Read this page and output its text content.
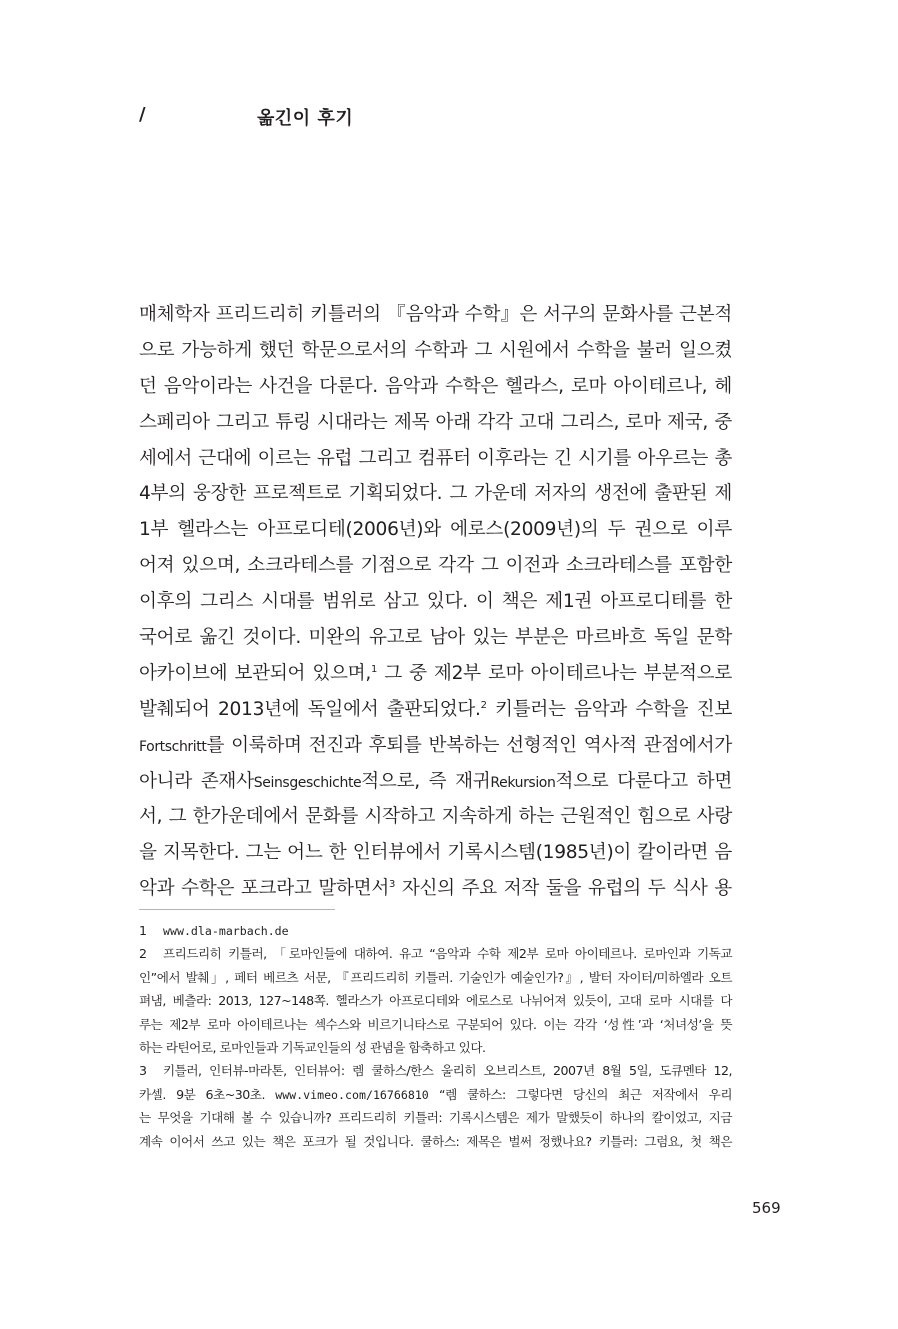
/	옮긴이 후기
매체학자 프리드리히 키틀러의 『음악과 수학』은 서구의 문화사를 근본적
으로 가능하게 했던 학문으로서의 수학과 그 시원에서 수학을 불러 일으켰
던 음악이라는 사건을 다룬다. 음악과 수학은 헬라스, 로마 아이테르나, 헤
스페리아 그리고 튜링 시대라는 제목 아래 각각 고대 그리스, 로마 제국, 중
세에서 근대에 이르는 유럽 그리고 컴퓨터 이후라는 긴 시기를 아우르는 총
4부의 웅장한 프로젝트로 기획되었다. 그 가운데 저자의 생전에 출판된 제
1부 헬라스는 아프로디테(2006년)와 에로스(2009년)의 두 권으로 이루
어져 있으며, 소크라테스를 기점으로 각각 그 이전과 소크라테스를 포함한
이후의 그리스 시대를 범위로 삼고 있다. 이 책은 제1권 아프로디테를 한
국어로 옮긴 것이다. 미완의 유고로 남아 있는 부분은 마르바흐 독일 문학
아카이브에 보관되어 있으며,$^1$ 그 중 제2부 로마 아이테르나는 부분적으로
발췌되어 2013년에 독일에서 출판되었다.$^2$ 키틀러는 음악과 수학을 진보
Fortschritt를 이룩하며 전진과 후퇴를 반복하는 선형적인 역사적 관점에서가
아니라 존재사Seinsgeschichte적으로, 즉 재귀Rekursion적으로 다룬다고 하면
서, 그 한가운데에서 문화를 시작하고 지속하게 하는 근원적인 힘으로 사랑
을 지목한다. 그는 어느 한 인터뷰에서 기록시스템(1985년)이 칼이라면 음
악과 수학은 포크라고 말하면서$^3$ 자신의 주요 저작 둘을 유럽의 두 식사 용
1 www.dla-marbach.de
2 프리드리히 키틀러, 「로마인들에 대하여. 유고 “음악과 수학 제2부 로마 아이테르나. 로마인과 기독교
인”에서 발췌」, 페터 베르츠 서문, 『프리드리히 키틀러. 기술인가 예술인가?』, 발터 자이터/미하엘라 오트
펴냄, 베츨라: 2013, 127~148쪽. 헬라스가 아프로디테와 에로스로 나뉘어져 있듯이, 고대 로마 시대를 다
루는 제2부 로마 아이테르나는 섹수스와 비르기니타스로 구분되어 있다. 이는 각각 ‘성性’과 ‘처녀성’을 뜻
하는 라틴어로, 로마인들과 기독교인들의 성 관념을 함축하고 있다.
3 키틀러, 인터뷰-마라톤, 인터뷰어: 렘 쿨하스/한스 울리히 오브리스트, 2007년 8월 5일, 도큐멘타 12,
카셀. 9분 6초~30초. www.vimeo.com/16766810 “렘 쿨하스: 그렇다면 당신의 최근 저작에서 우리
는 무엇을 기대해 볼 수 있습니까? 프리드리히 키틀러: 기록시스템은 제가 말했듯이 하나의 칼이었고, 지금
계속 이어서 쓰고 있는 책은 포크가 될 것입니다. 쿨하스: 제목은 벌써 정했나요? 키틀러: 그럼요, 첫 책은
569
